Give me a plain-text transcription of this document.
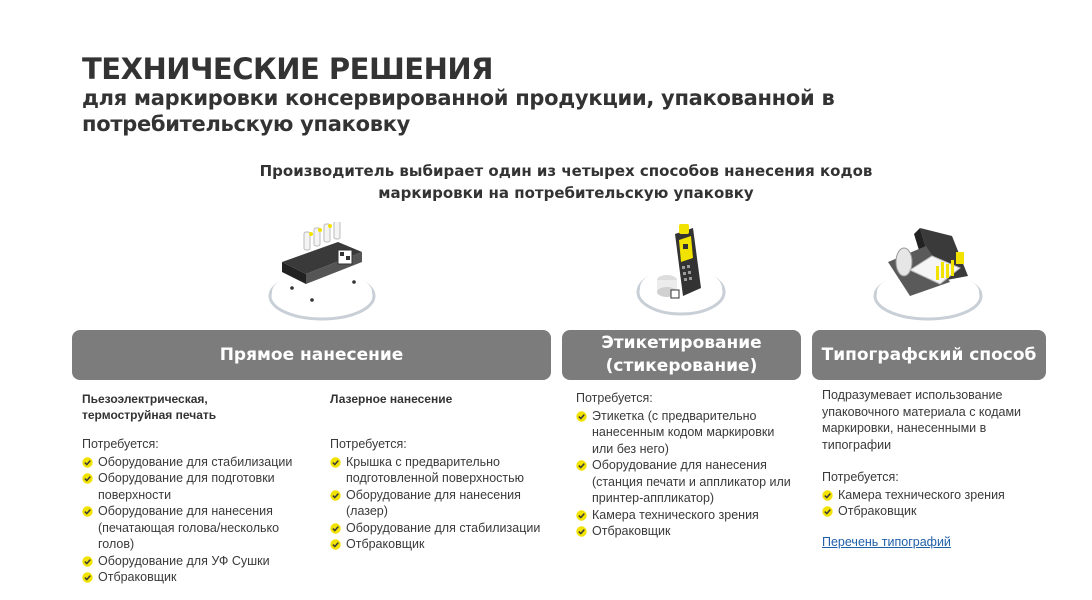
ТЕХНИЧЕСКИЕ РЕШЕНИЯ
для маркировки консервированной продукции, упакованной в потребительскую упаковку
Производитель выбирает один из четырех способов нанесения кодов маркировки на потребительскую упаковку
Прямое нанесение
Этикетирование
(стикерование)
Типографский способ
Пьезоэлектрическая,
термоструйная печать
Потребуется:
Оборудование для стабилизации
Оборудование для подготовки поверхности
Оборудование для нанесения (печатающая голова/несколько голов)
Оборудование для УФ Сушки
Отбраковщик
Лазерное нанесение
Потребуется:
Крышка с предварительно подготовленной поверхностью
Оборудование для нанесения (лазер)
Оборудование для стабилизации
Отбраковщик
Потребуется:
Этикетка (с предварительно нанесенным кодом маркировки или без него)
Оборудование для нанесения (станция печати и аппликатор или принтер-аппликатор)
Камера технического зрения
Отбраковщик
Подразумевает использование упаковочного материала с кодами маркировки, нанесенными в типографии
Потребуется:
Камера технического зрения
Отбраковщик
Перечень типографий
